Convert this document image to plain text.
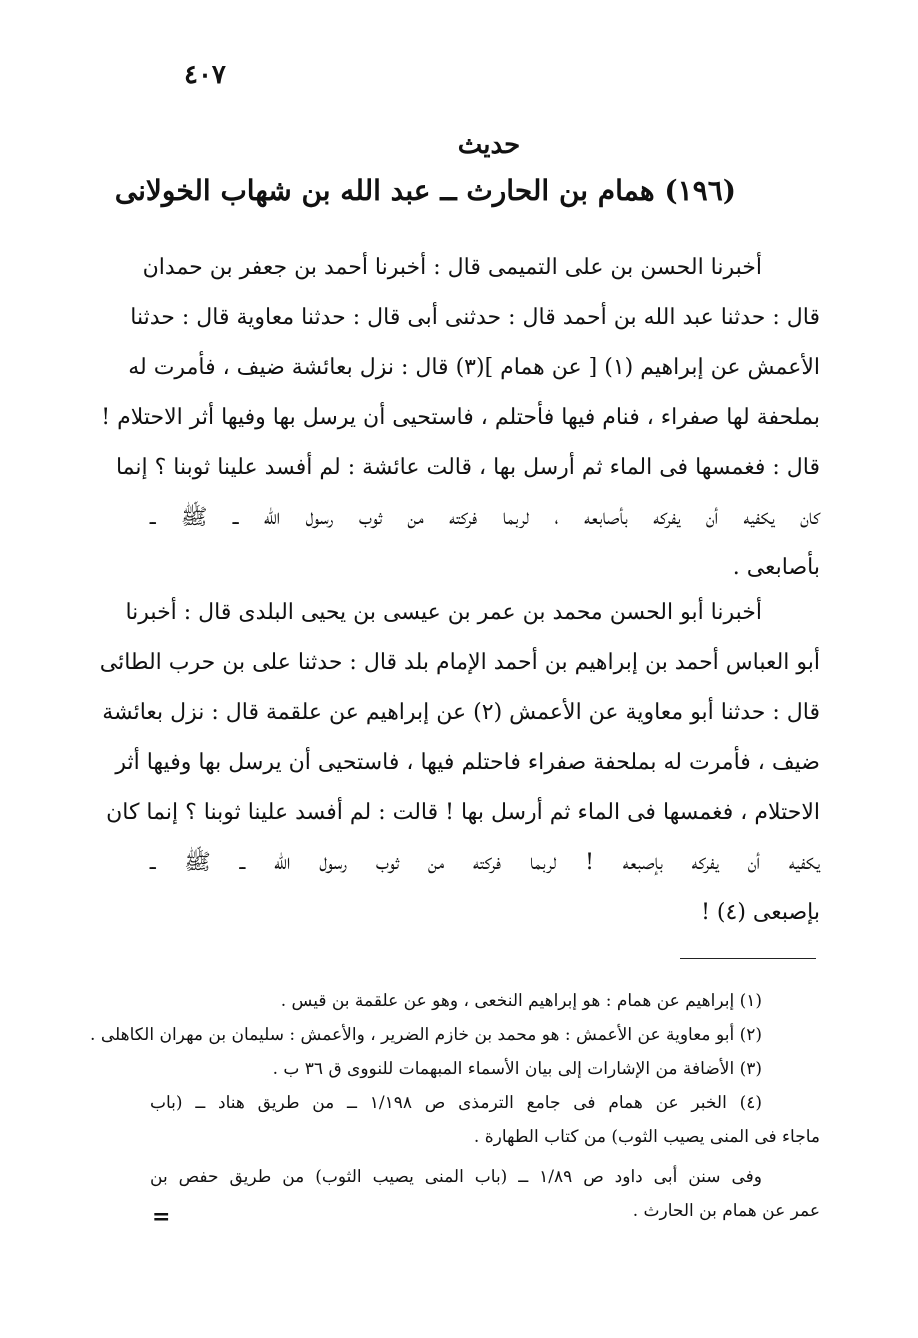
٤٠٧
حديث
(١٩٦) همام بن الحارث ــ عبد الله بن شهاب الخولانى
أخبرنا الحسن بن على التميمى قال : أخبرنا أحمد بن جعفر بن حمدان
قال : حدثنا عبد الله بن أحمد قال : حدثنى أبى قال : حدثنا معاوية قال : حدثنا
الأعمش عن إبراهيم (١) [ عن همام ](٣) قال : نزل بعائشة ضيف ، فأمرت له
بملحفة لها صفراء ، فنام فيها فأحتلم ، فاستحيى أن يرسل بها وفيها أثر الاحتلام !
قال : فغمسها فى الماء ثم أرسل بها ، قالت عائشة : لم أفسد علينا ثوبنا ؟ إنما
كان يكفيه أن يفركه بأصابعه ، لربما فركته من ثوب رسول الله ــ ﷺ ــ
بأصابعى .
أخبرنا أبو الحسن محمد بن عمر بن عيسى بن يحيى البلدى قال : أخبرنا
أبو العباس أحمد بن إبراهيم بن أحمد الإمام بلد قال : حدثنا على بن حرب الطائى
قال : حدثنا أبو معاوية عن الأعمش (٢) عن إبراهيم عن علقمة قال : نزل بعائشة
ضيف ، فأمرت له بملحفة صفراء فاحتلم فيها ، فاستحيى أن يرسل بها وفيها أثر
الاحتلام ، فغمسها فى الماء ثم أرسل بها ! قالت : لم أفسد علينا ثوبنا ؟ إنما كان
يكفيه أن يفركه بإصبعه ! لربما فركته من ثوب رسول الله ــ ﷺ ــ
بإصبعى (٤) !
(١) إبراهيم عن همام : هو إبراهيم النخعى ، وهو عن علقمة بن قيس .
(٢) أبو معاوية عن الأعمش : هو محمد بن خازم الضرير ، والأعمش : سليمان بن مهران الكاهلى .
(٣) الأضافة من الإشارات إلى بيان الأسماء المبهمات للنووى ق ٣٦ ب .
(٤) الخبر عن همام فى جامع الترمذى ص ١/١٩٨ ــ من طريق هناد ــ (باب
ماجاء فى المنى يصيب الثوب) من كتاب الطهارة .
وفى سنن أبى داود ص ١/٨٩ ــ (باب المنى يصيب الثوب) من طريق حفص بن
عمر عن همام بن الحارث .
=
